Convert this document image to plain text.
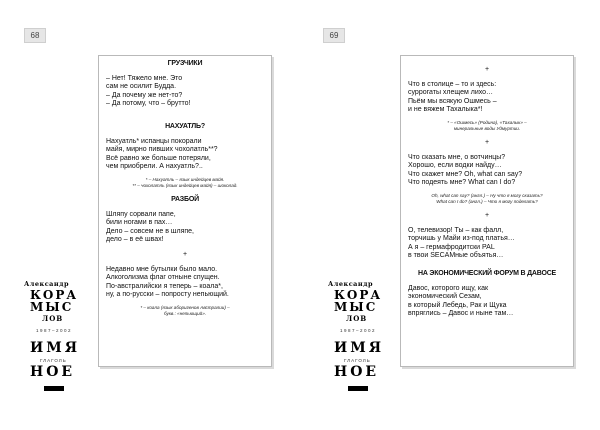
68	69
Александр
КОРА
МЫС
ЛОВ
1987–2002
ИМЯ
ГЛАГОЛЬ
НОЕ
Александр
КОРА
МЫС
ЛОВ
1987–2002
ИМЯ
ГЛАГОЛЬ
НОЕ
ГРУЗЧИКИ
– Нет! Тяжело мне. Это
сам не осилит Будда.
– Да почему же нет-то?
– Да потому, что – брутто!
НАХУАТЛЬ?
Нахуатль* испанцы покорали
майя, мирно пивших чохолатль**?
Всё равно же больше потеряли,
чем приобрели. А нахуатль?..
* – Нахуатль – язык индейцев майя.
** – чохолатль (язык индейцев майя) – шоколад.
РАЗБОЙ
Шляпу сорвали папе,
били ногами в пах…
Дело – совсем не в шляпе,
дело – в её швах!
+
Недавно мне бутылки было мало.
Алкоголизма флаг отныне спущен.
По-австралийски я теперь – коала*,
ну, а по-русски – попросту непьющий.
* – коала (язык аборигенов Австралии) –
букв.: «непьющий».
+
Что в столице – то и здесь:
суррогаты хлещем лихо…
Пьём мы всякую Ошмесь –
и не вяжем Тахалыка*!
* – «Ошмесь» (Родина), «Тахалык» –
минеральные воды Удмуртии.
+
Что сказать мне, о вотчинцы?
Хорошо, если водки найду…
Что скажет мне? Oh, what can say?
Что подеять мне? What can I do?
Oh, what can say? (англ.) – Ну что я могу сказать?
What can I do? (англ.) – Что я могу поделать?
+
О, телевизор! Ты – как фалл,
торчишь у Майи из-под платья…
А я – гермафродитски PAL
в твои SECAMные объятья…
НА ЭКОНОМИЧЕСКИЙ ФОРУМ В ДАВОСЕ
Давос, которого ищу, как
экономический Сезам,
в который Лебедь, Рак и Щука
впряглись – Давос и ныне там…
